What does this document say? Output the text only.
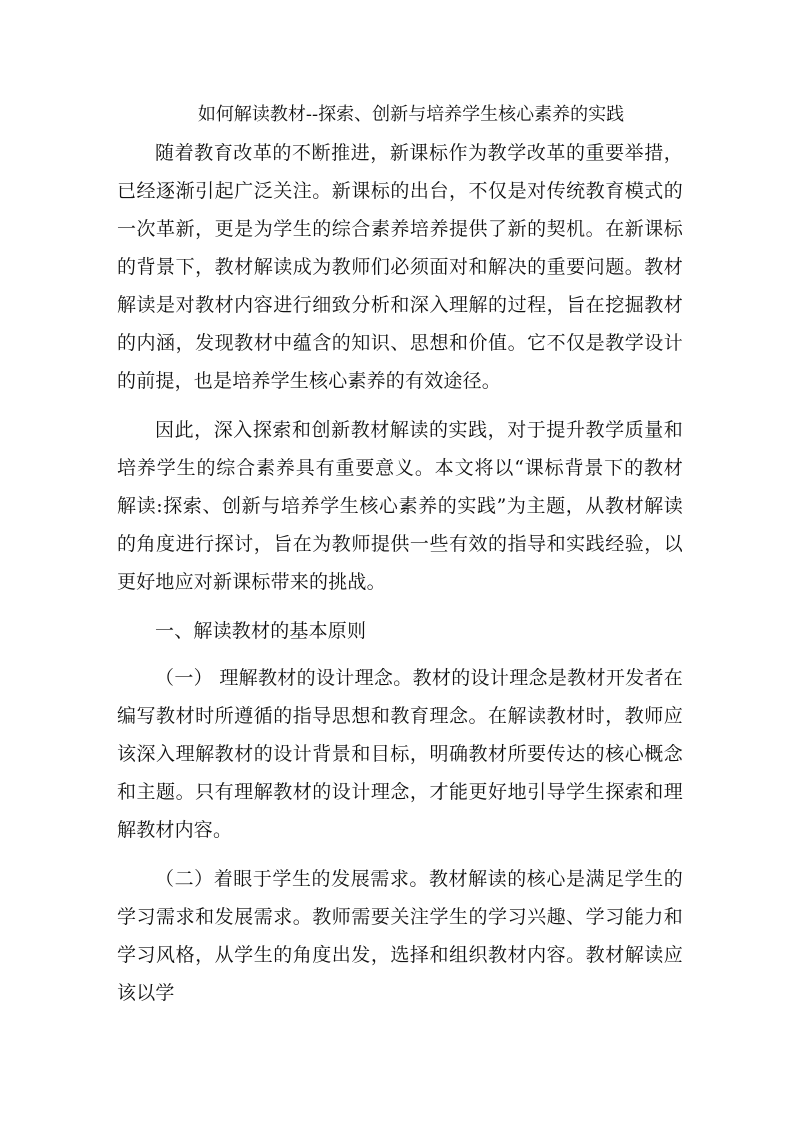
如何解读教材--探索、创新与培养学生核心素养的实践

随着教育改革的不断推进，新课标作为教学改革的重要举措，已经逐渐引起广泛关注。新课标的出台，不仅是对传统教育模式的一次革新，更是为学生的综合素养培养提供了新的契机。在新课标的背景下，教材解读成为教师们必须面对和解决的重要问题。教材解读是对教材内容进行细致分析和深入理解的过程，旨在挖掘教材的内涵，发现教材中蕴含的知识、思想和价值。它不仅是教学设计的前提，也是培养学生核心素养的有效途径。

因此，深入探索和创新教材解读的实践，对于提升教学质量和培养学生的综合素养具有重要意义。本文将以“课标背景下的教材解读:探索、创新与培养学生核心素养的实践”为主题，从教材解读的角度进行探讨，旨在为教师提供一些有效的指导和实践经验，以更好地应对新课标带来的挑战。

一、解读教材的基本原则

（一） 理解教材的设计理念。教材的设计理念是教材开发者在编写教材时所遵循的指导思想和教育理念。在解读教材时，教师应该深入理解教材的设计背景和目标，明确教材所要传达的核心概念和主题。只有理解教材的设计理念，才能更好地引导学生探索和理解教材内容。

（二）着眼于学生的发展需求。教材解读的核心是满足学生的学习需求和发展需求。教师需要关注学生的学习兴趣、学习能力和学习风格，从学生的角度出发，选择和组织教材内容。教材解读应该以学
